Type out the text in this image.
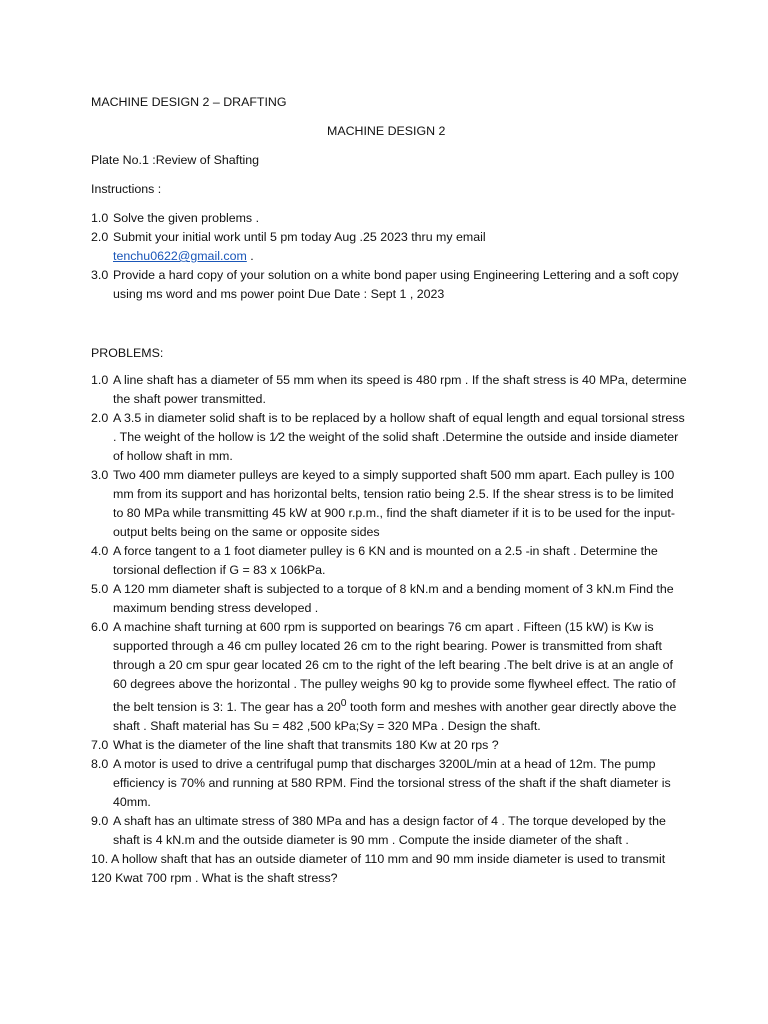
MACHINE DESIGN 2 – DRAFTING
MACHINE DESIGN 2
Plate No.1 :Review of Shafting
Instructions :
1.0 Solve the given problems .
2.0 Submit your initial work until 5 pm today Aug .25 2023 thru my email
tenchu0622@gmail.com .
3.0 Provide a hard copy of your solution on a white bond paper using Engineering Lettering and a soft copy using ms word and ms power point Due Date : Sept 1 , 2023
PROBLEMS:
1.0 A line shaft has a diameter of 55 mm when its speed is 480 rpm . If the shaft stress is 40 MPa, determine the shaft power transmitted.
2.0 A 3.5 in diameter solid shaft is to be replaced by a hollow shaft of equal length and equal torsional stress . The weight of the hollow is 1⁄2 the weight of the solid shaft .Determine the outside and inside diameter of hollow shaft in mm.
3.0 Two 400 mm diameter pulleys are keyed to a simply supported shaft 500 mm apart. Each pulley is 100 mm from its support and has horizontal belts, tension ratio being 2.5. If the shear stress is to be limited to 80 MPa while transmitting 45 kW at 900 r.p.m., find the shaft diameter if it is to be used for the input-output belts being on the same or opposite sides
4.0 A force tangent to a 1 foot diameter pulley is 6 KN and is mounted on a 2.5 -in shaft . Determine the torsional deflection if G = 83 x 106kPa.
5.0 A 120 mm diameter shaft is subjected to a torque of 8 kN.m and a bending moment of 3 kN.m Find the maximum bending stress developed .
6.0 A machine shaft turning at 600 rpm is supported on bearings 76 cm apart . Fifteen (15 kW) is Kw is supported through a 46 cm pulley located 26 cm to the right bearing. Power is transmitted from shaft through a 20 cm spur gear located 26 cm to the right of the left bearing .The belt drive is at an angle of 60 degrees above the horizontal . The pulley weighs 90 kg to provide some flywheel effect. The ratio of the belt tension is 3: 1. The gear has a $20^0$ tooth form and meshes with another gear directly above the shaft . Shaft material has Su = 482 ,500 kPa;Sy = 320 MPa . Design the shaft.
7.0 What is the diameter of the line shaft that transmits 180 Kw at 20 rps ?
8.0 A motor is used to drive a centrifugal pump that discharges 3200L/min at a head of 12m. The pump efficiency is 70% and running at 580 RPM. Find the torsional stress of the shaft if the shaft diameter is 40mm.
9.0 A shaft has an ultimate stress of 380 MPa and has a design factor of 4 . The torque developed by the shaft is 4 kN.m and the outside diameter is 90 mm . Compute the inside diameter of the shaft .
10. A hollow shaft that has an outside diameter of 110 mm and 90 mm inside diameter is used to transmit 120 Kwat 700 rpm . What is the shaft stress?
